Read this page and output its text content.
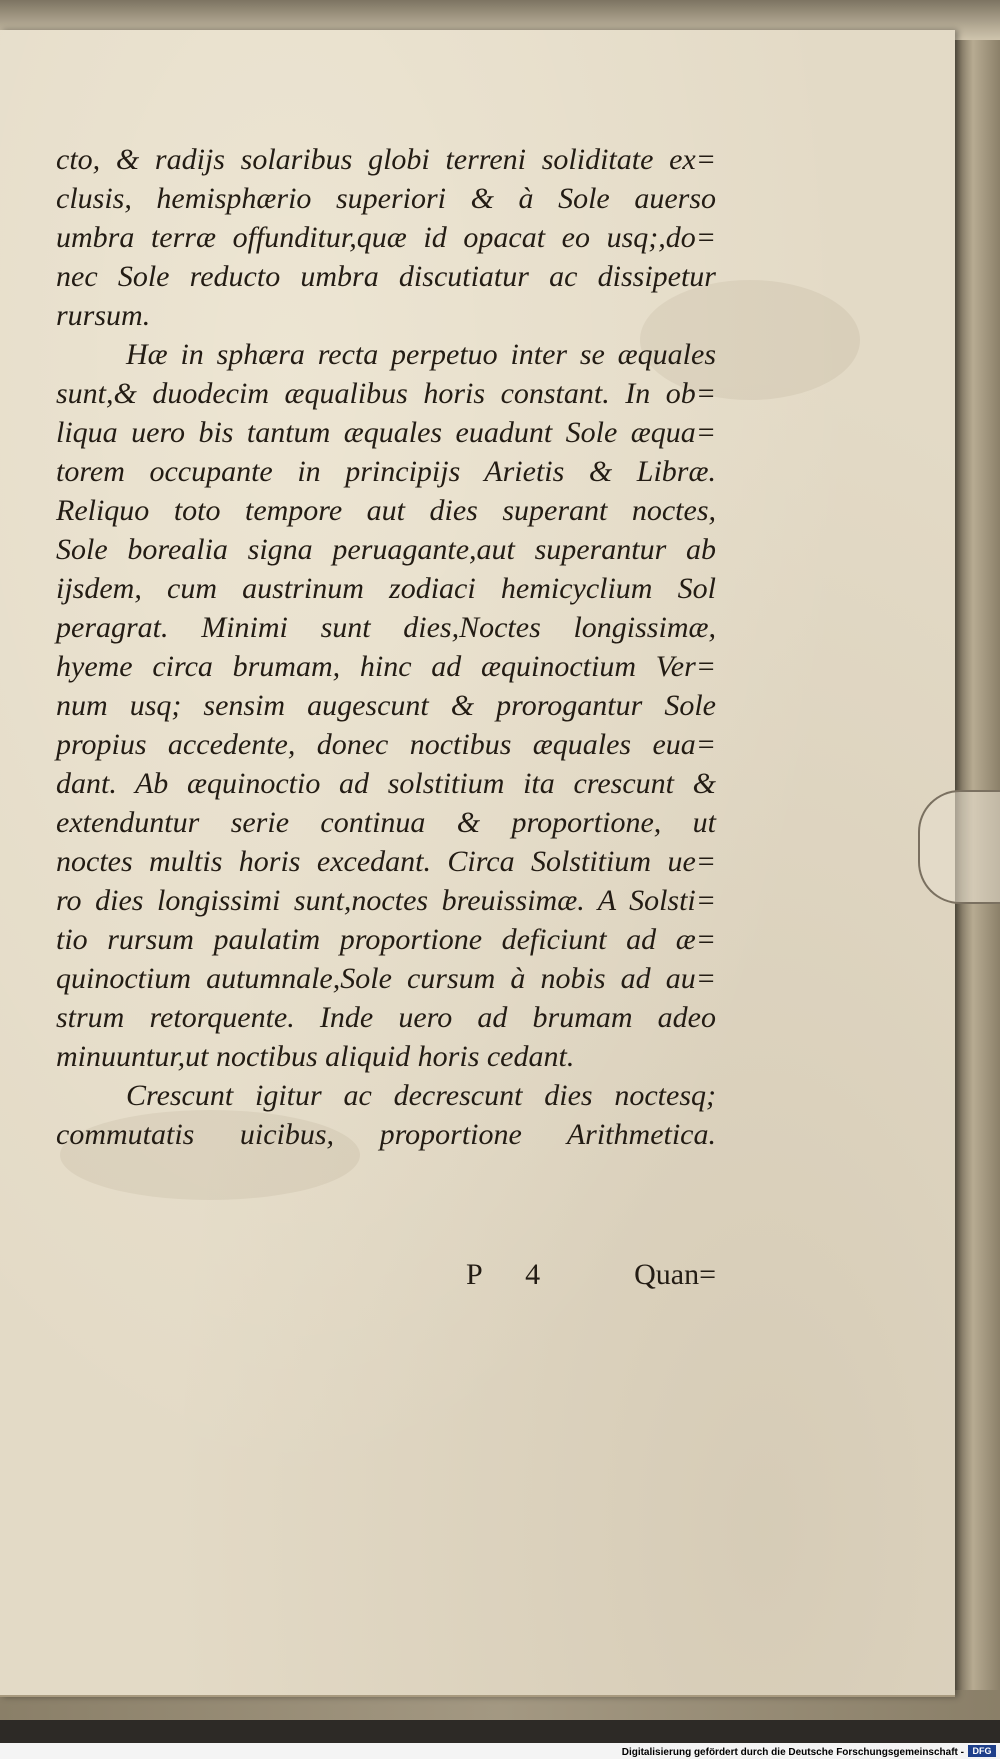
cto, & radijs solaribus globi terreni soliditate ex=
clusis, hemisphærio superiori & à Sole auerso
umbra terræ offunditur,quæ id opacat eo usq;,do=
nec Sole reducto umbra discutiatur ac dissipetur
rursum.
Hæ in sphæra recta perpetuo inter se æquales
sunt,& duodecim æqualibus horis constant. In ob=
liqua uero bis tantum æquales euadunt Sole æqua=
torem occupante in principijs Arietis & Libræ.
Reliquo toto tempore aut dies superant noctes,
Sole borealia signa peruagante,aut superantur ab
ijsdem, cum austrinum zodiaci hemicyclium Sol
peragrat. Minimi sunt dies,Noctes longissimæ,
hyeme circa brumam, hinc ad æquinoctium Ver=
num usq; sensim augescunt & prorogantur Sole
propius accedente, donec noctibus æquales eua=
dant. Ab æquinoctio ad solstitium ita crescunt &
extenduntur serie continua & proportione, ut
noctes multis horis excedant. Circa Solstitium ue=
ro dies longissimi sunt,noctes breuissimæ. A Solsti=
tio rursum paulatim proportione deficiunt ad æ=
quinoctium autumnale,Sole cursum à nobis ad au=
strum retorquente. Inde uero ad brumam adeo
minuuntur,ut noctibus aliquid horis cedant.
Crescunt igitur ac decrescunt dies noctesq;
commutatis uicibus, proportione Arithmetica.
P 4	Quan=
Digitalisierung gefördert durch die Deutsche Forschungsgemeinschaft - DFG
